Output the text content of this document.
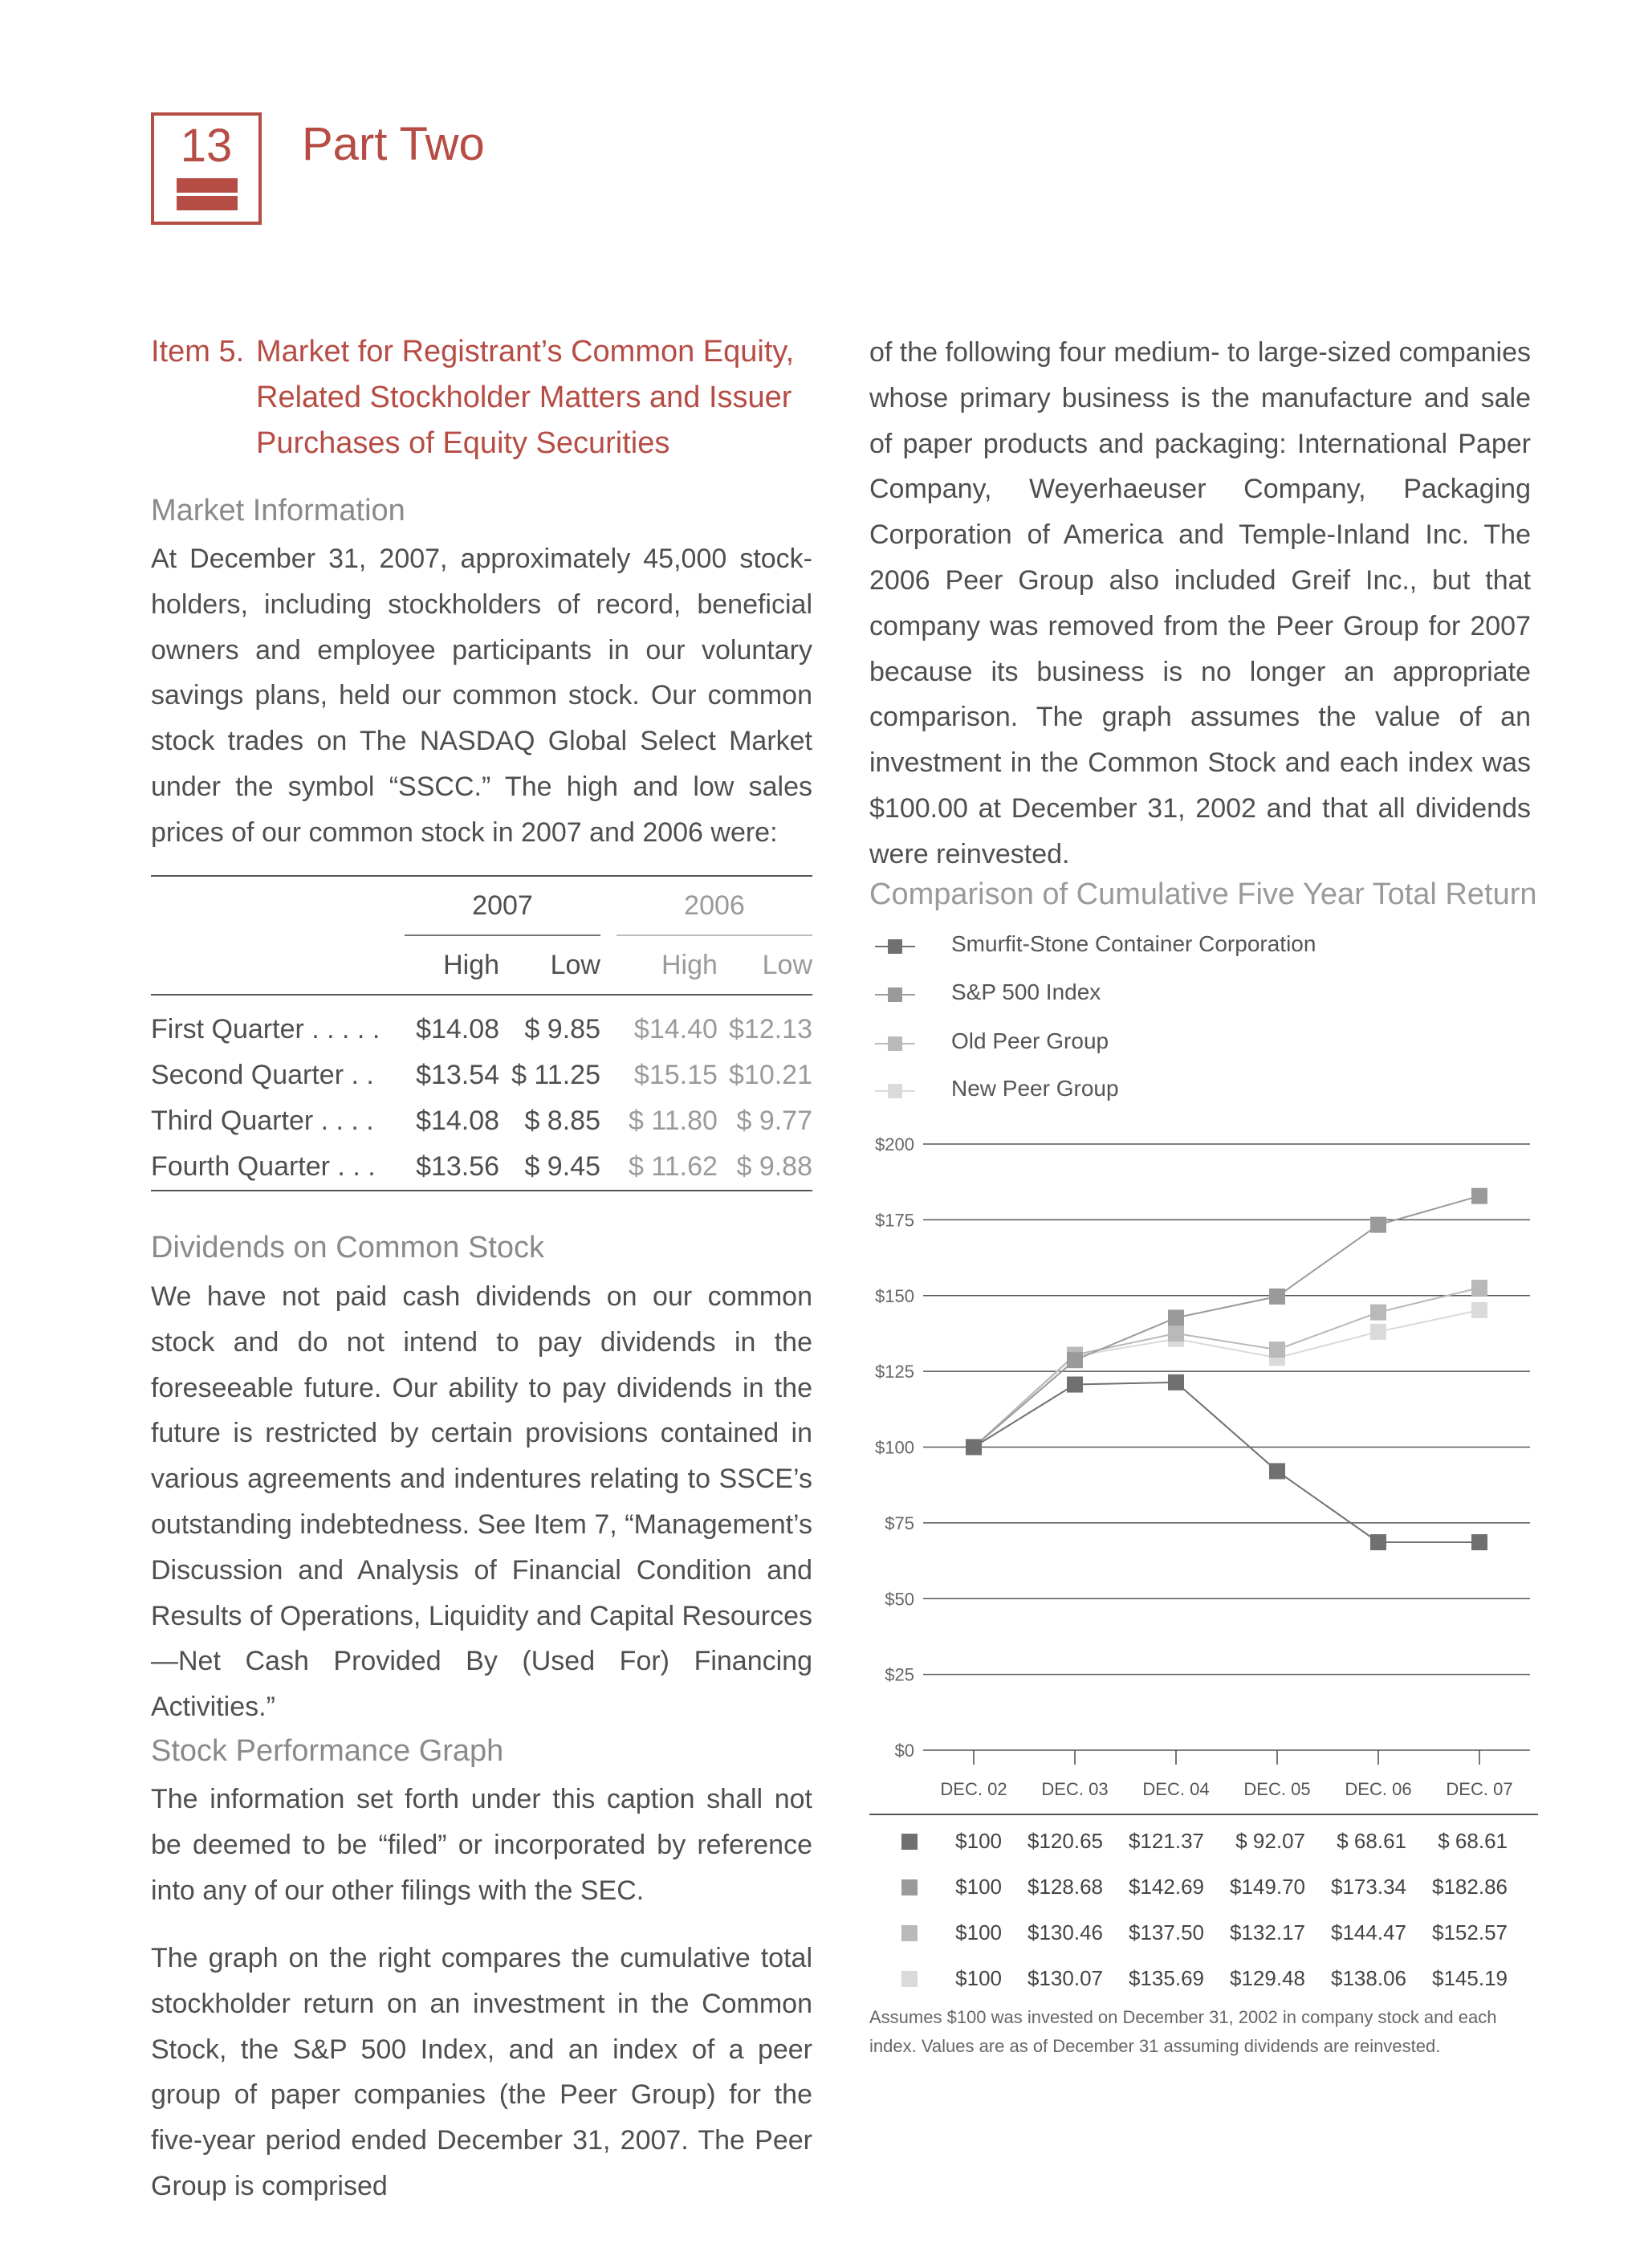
13	Part Two
Item 5. Market for Registrant’s Common Equity,
Related Stockholder Matters and Issuer
Purchases of Equity Securities
Market Information
At December 31, 2007, approximately 45,000 stock-holders, including stockholders of record, beneficial owners and employee participants in our voluntary savings plans, held our common stock. Our common stock trades on The NASDAQ Global Select Market under the symbol “SSCC.” The high and low sales prices of our common stock in 2007 and 2006 were:
	2007			2006	
	High	Low		High	Low

First Quarter . . . . .	$14.08	$ 9.85		$14.40	$12.13
Second Quarter . .	$13.54	$ 11.25		$15.15	$10.21
Third Quarter . . . .	$14.08	$ 8.85		$ 11.80	$ 9.77
Fourth Quarter . . .	$13.56	$ 9.45		$ 11.62	$ 9.88
Dividends on Common Stock
We have not paid cash dividends on our common stock and do not intend to pay dividends in the foreseeable future. Our ability to pay dividends in the future is restricted by certain provisions contained in various agreements and indentures relating to SSCE’s outstanding indebtedness. See Item 7, “Management’s Discussion and Analysis of Financial Condition and Results of Operations, Liquidity and Capital Resources—Net Cash Provided By (Used For) Financing Activities.”
Stock Performance Graph
The information set forth under this caption shall not be deemed to be “filed” or incorporated by reference into any of our other filings with the SEC.
The graph on the right compares the cumulative total stockholder return on an investment in the Common Stock, the S&P 500 Index, and an index of a peer group of paper companies (the Peer Group) for the five-year period ended December 31, 2007. The Peer Group is comprised
of the following four medium- to large-sized companies whose primary business is the manufacture and sale of paper products and packaging: International Paper Company, Weyerhaeuser Company, Packaging Corporation of America and Temple-Inland Inc. The 2006 Peer Group also included Greif Inc., but that company was removed from the Peer Group for 2007 because its business is no longer an appropriate comparison. The graph assumes the value of an investment in the Common Stock and each index was $100.00 at December 31, 2002 and that all dividends were reinvested.
Comparison of Cumulative Five Year Total Return
Smurfit-Stone Container Corporation
S&P 500 Index
Old Peer Group
New Peer Group
$0
$25
$50
$75
$100
$125
$150
$175
$200
DEC. 02 DEC. 03 DEC. 04 DEC. 05 DEC. 06 DEC. 07
$100 $120.65 $121.37 $ 92.07 $ 68.61 $ 68.61
$100 $128.68 $142.69 $149.70 $173.34 $182.86
$100 $130.46 $137.50 $132.17 $144.47 $152.57
$100 $130.07 $135.69 $129.48 $138.06 $145.19
Assumes $100 was invested on December 31, 2002 in company stock and each index. Values are as of December 31 assuming dividends are reinvested.
